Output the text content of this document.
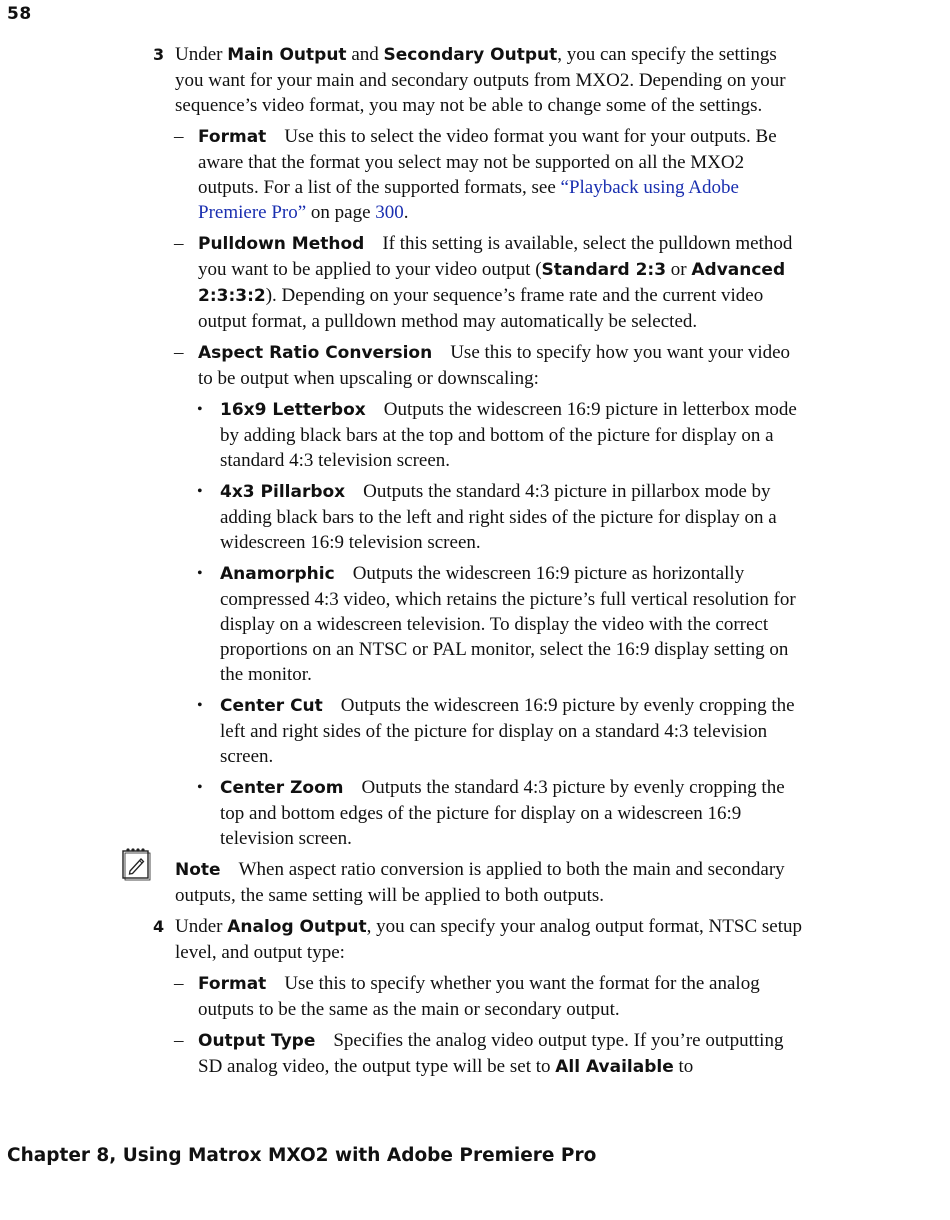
58
3 Under Main Output and Secondary Output, you can specify the settings you want for your main and secondary outputs from MXO2. Depending on your sequence’s video format, you may not be able to change some of the settings.
– Format Use this to select the video format you want for your outputs. Be aware that the format you select may not be supported on all the MXO2 outputs. For a list of the supported formats, see “Playback using Adobe Premiere Pro” on page 300.
– Pulldown Method If this setting is available, select the pulldown method you want to be applied to your video output (Standard 2:3 or Advanced 2:3:3:2). Depending on your sequence’s frame rate and the current video output format, a pulldown method may automatically be selected.
– Aspect Ratio Conversion Use this to specify how you want your video to be output when upscaling or downscaling:
• 16x9 Letterbox Outputs the widescreen 16:9 picture in letterbox mode by adding black bars at the top and bottom of the picture for display on a standard 4:3 television screen.
• 4x3 Pillarbox Outputs the standard 4:3 picture in pillarbox mode by adding black bars to the left and right sides of the picture for display on a widescreen 16:9 television screen.
• Anamorphic Outputs the widescreen 16:9 picture as horizontally compressed 4:3 video, which retains the picture’s full vertical resolution for display on a widescreen television. To display the video with the correct proportions on an NTSC or PAL monitor, select the 16:9 display setting on the monitor.
• Center Cut Outputs the widescreen 16:9 picture by evenly cropping the left and right sides of the picture for display on a standard 4:3 television screen.
• Center Zoom Outputs the standard 4:3 picture by evenly cropping the top and bottom edges of the picture for display on a widescreen 16:9 television screen.
Note When aspect ratio conversion is applied to both the main and secondary outputs, the same setting will be applied to both outputs.
4 Under Analog Output, you can specify your analog output format, NTSC setup level, and output type:
– Format Use this to specify whether you want the format for the analog outputs to be the same as the main or secondary output.
– Output Type Specifies the analog video output type. If you’re outputting SD analog video, the output type will be set to All Available to
Chapter 8, Using Matrox MXO2 with Adobe Premiere Pro
